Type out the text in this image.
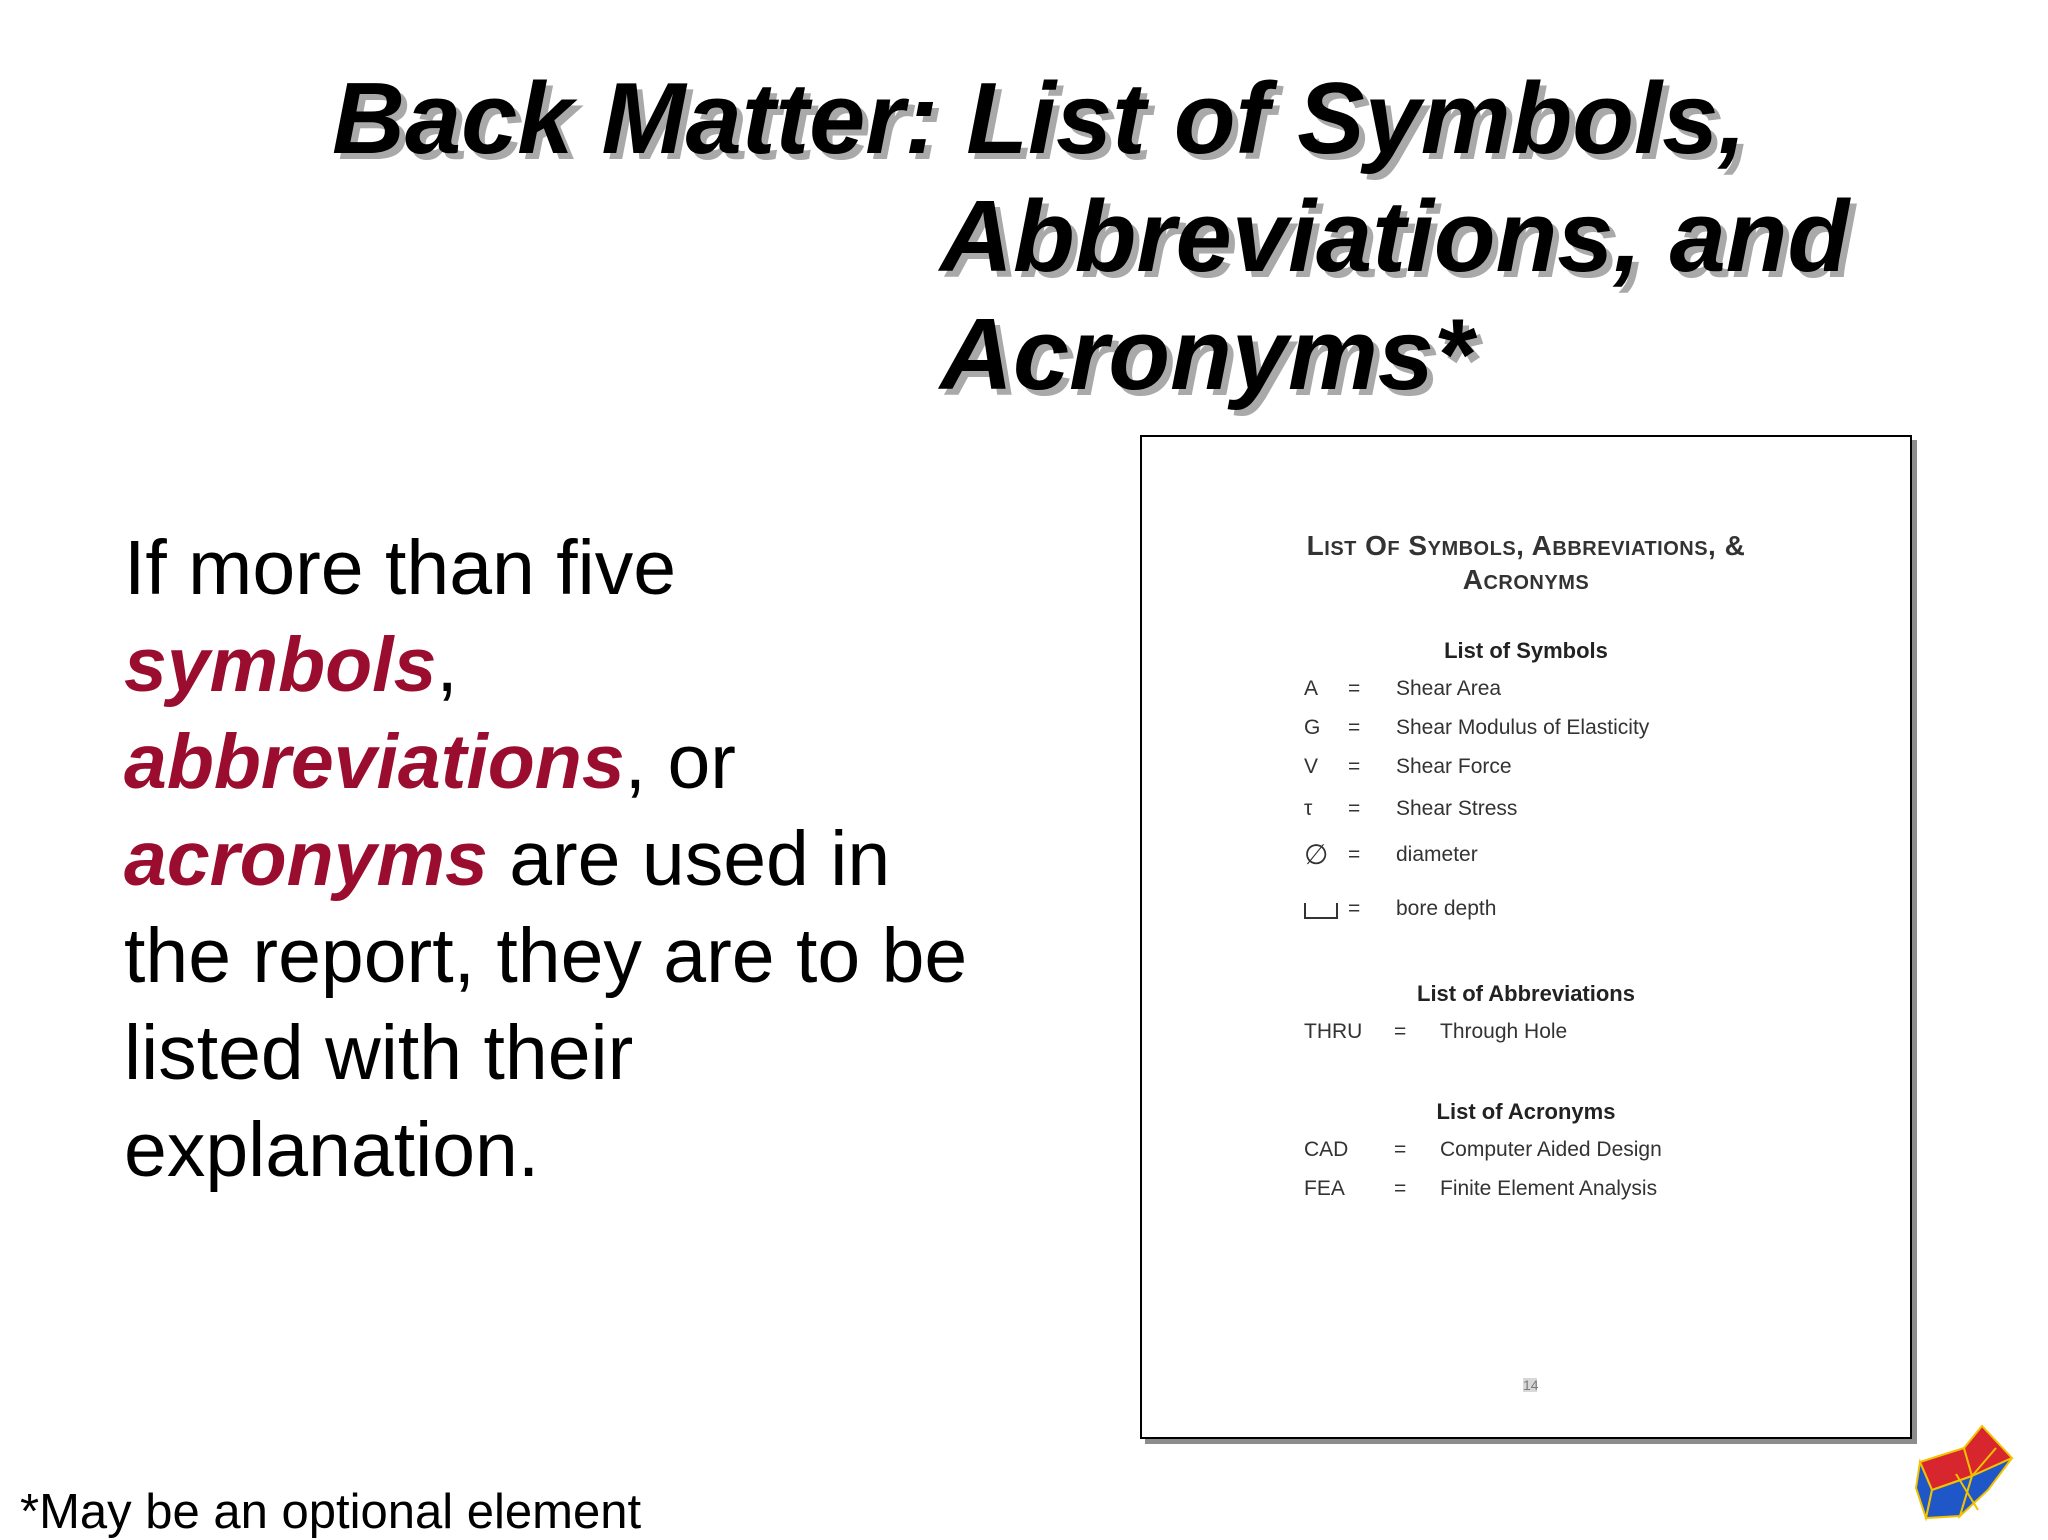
Back Matter: List of Symbols,
Abbreviations, and
Acronyms*
If more than five
symbols,
abbreviations, or
acronyms are used in
the report, they are to be
listed with their
explanation.
*May be an optional element
List Of Symbols, Abbreviations, &
Acronyms
List of Symbols
A = Shear Area
G = Shear Modulus of Elasticity
V = Shear Force
τ = Shear Stress
∅ = diameter
= bore depth
List of Abbreviations
THRU = Through Hole
List of Acronyms
CAD = Computer Aided Design
FEA = Finite Element Analysis
14
